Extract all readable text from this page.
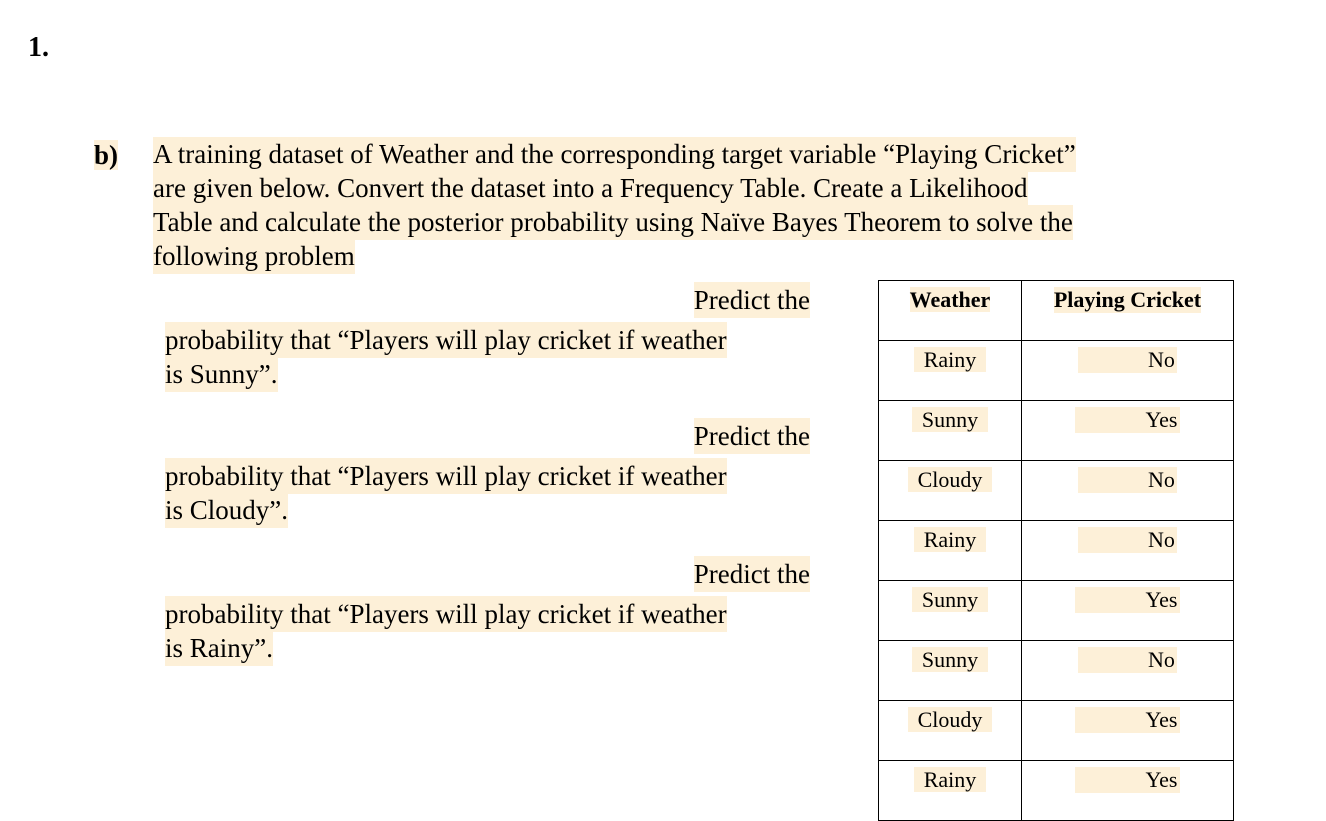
1.
b) A training dataset of Weather and the corresponding target variable “Playing Cricket”
are given below. Convert the dataset into a Frequency Table. Create a Likelihood
Table and calculate the posterior probability using Naïve Bayes Theorem to solve the
following problem
Predict the
probability that “Players will play cricket if weather
is Sunny”.
Predict the
probability that “Players will play cricket if weather
is Cloudy”.
Predict the
probability that “Players will play cricket if weather
is Rainy”.
Weather	Playing Cricket
Rainy	No
Sunny	Yes
Cloudy	No
Rainy	No
Sunny	Yes
Sunny	No
Cloudy	Yes
Rainy	Yes
